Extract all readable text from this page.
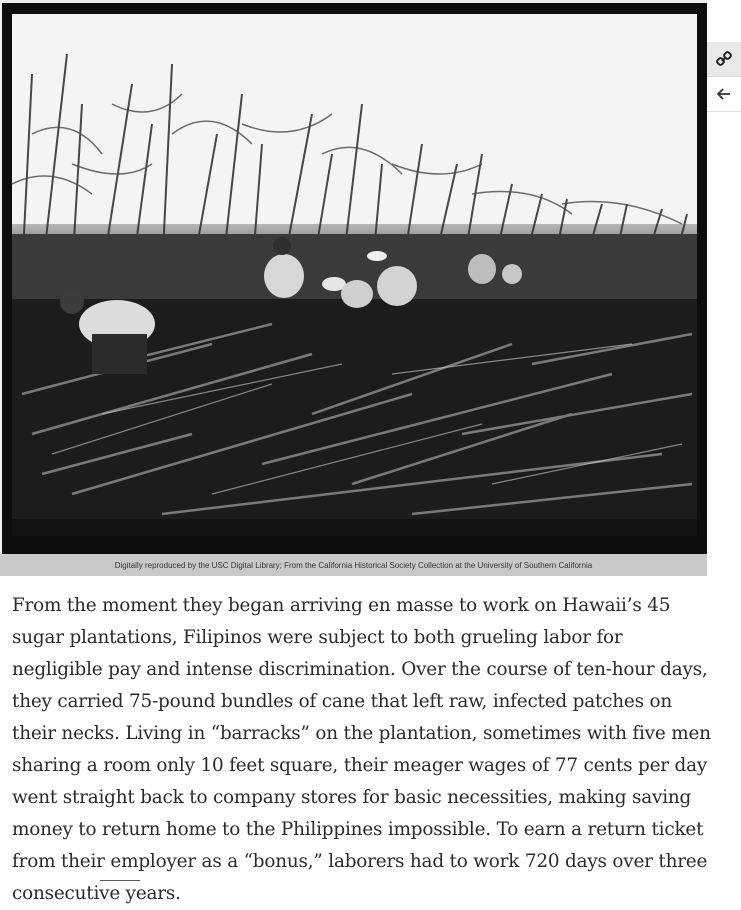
Digitally reproduced by the USC Digital Library; From the California Historical Society Collection at the University of Southern California

From the moment they began arriving en masse to work on Hawaii’s 45 sugar plantations, Filipinos were subject to both grueling labor for negligible pay and intense discrimination. Over the course of ten-hour days, they carried 75-pound bundles of cane that left raw, infected patches on their necks. Living in “barracks” on the plantation, sometimes with five men sharing a room only 10 feet square, their meager wages of 77 cents per day went straight back to company stores for basic necessities, making saving money to return home to the Philippines impossible. To earn a return ticket from their employer as a “bonus,” laborers had to work 720 days over three consecutive years.
